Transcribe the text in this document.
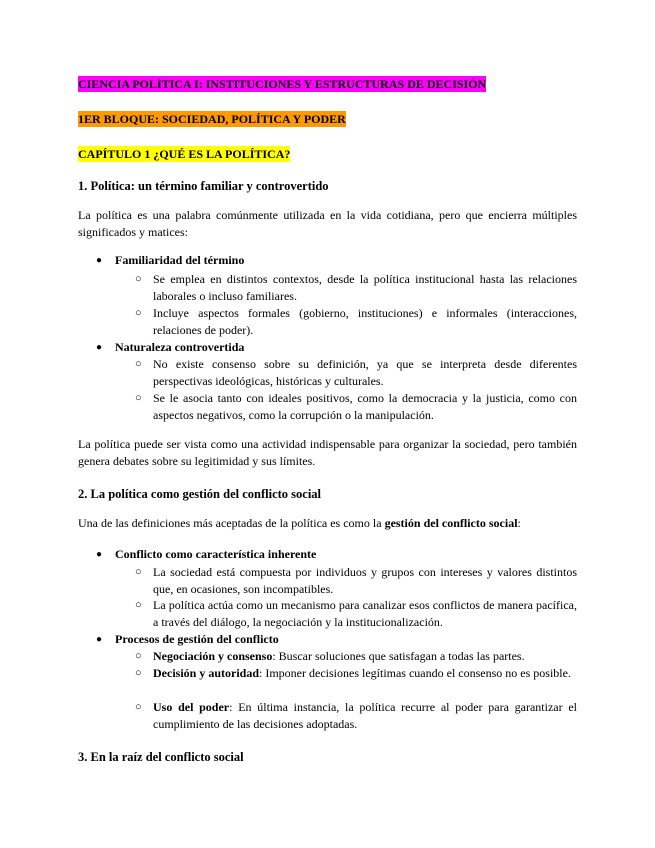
CIENCIA POLÍTICA I: INSTITUCIONES Y ESTRUCTURAS DE DECISIÓN
1ER BLOQUE: SOCIEDAD, POLÍTICA Y PODER
CAPÍTULO 1 ¿QUÉ ES LA POLÍTICA?
1. Política: un término familiar y controvertido
La política es una palabra comúnmente utilizada en la vida cotidiana, pero que encierra múltiples significados y matices:
● Familiaridad del término
○ Se emplea en distintos contextos, desde la política institucional hasta las relaciones laborales o incluso familiares.
○ Incluye aspectos formales (gobierno, instituciones) e informales (interacciones, relaciones de poder).
● Naturaleza controvertida
○ No existe consenso sobre su definición, ya que se interpreta desde diferentes perspectivas ideológicas, históricas y culturales.
○ Se le asocia tanto con ideales positivos, como la democracia y la justicia, como con aspectos negativos, como la corrupción o la manipulación.
La política puede ser vista como una actividad indispensable para organizar la sociedad, pero también genera debates sobre su legitimidad y sus límites.
2. La política como gestión del conflicto social
Una de las definiciones más aceptadas de la política es como la gestión del conflicto social:
● Conflicto como característica inherente
○ La sociedad está compuesta por individuos y grupos con intereses y valores distintos que, en ocasiones, son incompatibles.
○ La política actúa como un mecanismo para canalizar esos conflictos de manera pacífica, a través del diálogo, la negociación y la institucionalización.
● Procesos de gestión del conflicto
○ Negociación y consenso: Buscar soluciones que satisfagan a todas las partes.
○ Decisión y autoridad: Imponer decisiones legítimas cuando el consenso no es posible.
○ Uso del poder: En última instancia, la política recurre al poder para garantizar el cumplimiento de las decisiones adoptadas.
3. En la raíz del conflicto social
